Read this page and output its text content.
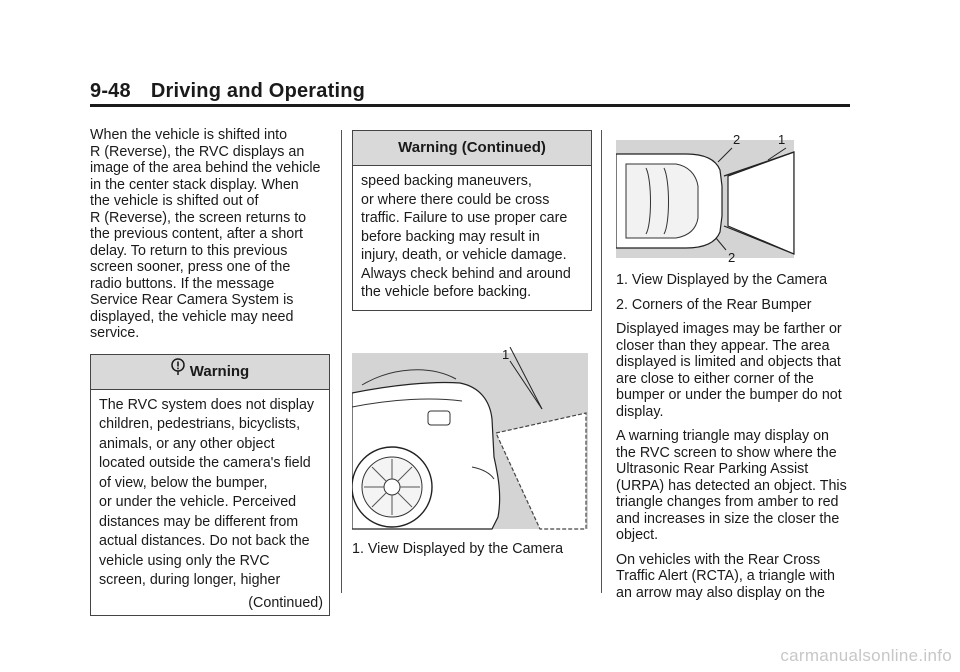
9-48 Driving and Operating

When the vehicle is shifted into
R (Reverse), the RVC displays an
image of the area behind the vehicle
in the center stack display. When
the vehicle is shifted out of
R (Reverse), the screen returns to
the previous content, after a short
delay. To return to this previous
screen sooner, press one of the
radio buttons. If the message
Service Rear Camera System is
displayed, the vehicle may need
service.

Warning
The RVC system does not display
children, pedestrians, bicyclists,
animals, or any other object
located outside the camera's field
of view, below the bumper,
or under the vehicle. Perceived
distances may be different from
actual distances. Do not back the
vehicle using only the RVC
screen, during longer, higher
(Continued)
Warning (Continued)
speed backing maneuvers,
or where there could be cross
traffic. Failure to use proper care
before backing may result in
injury, death, or vehicle damage.
Always check behind and around
the vehicle before backing.
1
1. View Displayed by the Camera
2	1
2
1. View Displayed by the Camera
2. Corners of the Rear Bumper

Displayed images may be farther or
closer than they appear. The area
displayed is limited and objects that
are close to either corner of the
bumper or under the bumper do not
display.

A warning triangle may display on
the RVC screen to show where the
Ultrasonic Rear Parking Assist
(URPA) has detected an object. This
triangle changes from amber to red
and increases in size the closer the
object.

On vehicles with the Rear Cross
Traffic Alert (RCTA), a triangle with
an arrow may also display on the

carmanualsonline.info
